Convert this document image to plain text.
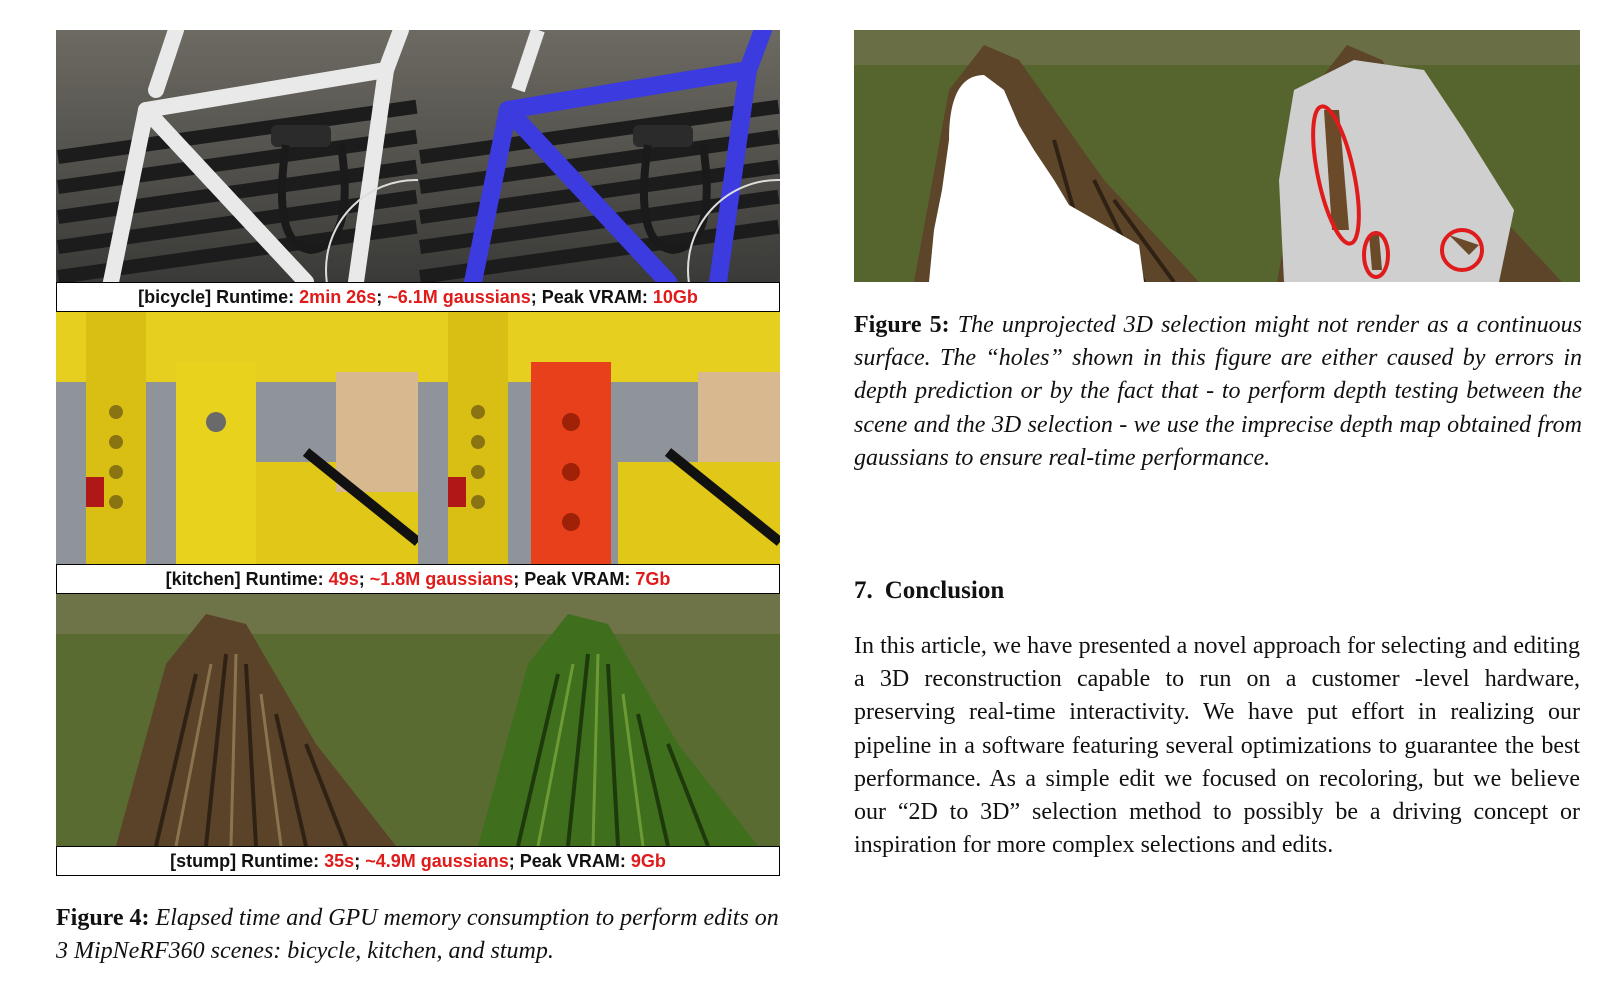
[bicycle] Runtime: 2min 26s; ~6.1M gaussians; Peak VRAM: 10Gb
[kitchen] Runtime: 49s; ~1.8M gaussians; Peak VRAM: 7Gb
[stump] Runtime: 35s; ~4.9M gaussians; Peak VRAM: 9Gb
Figure 4: Elapsed time and GPU memory consumption to perform edits on 3 MipNeRF360 scenes: bicycle, kitchen, and stump.
Figure 5: The unprojected 3D selection might not render as a continuous surface. The “holes” shown in this figure are either caused by errors in depth prediction or by the fact that - to perform depth testing between the scene and the 3D selection - we use the imprecise depth map obtained from gaussians to ensure real-time performance.
7. Conclusion
In this article, we have presented a novel approach for selecting and editing a 3D reconstruction capable to run on a customer -level hardware, preserving real-time interactivity. We have put effort in realizing our pipeline in a software featuring several optimizations to guarantee the best performance. As a simple edit we focused on recoloring, but we believe our “2D to 3D” selection method to possibly be a driving concept or inspiration for more complex selections and edits.
